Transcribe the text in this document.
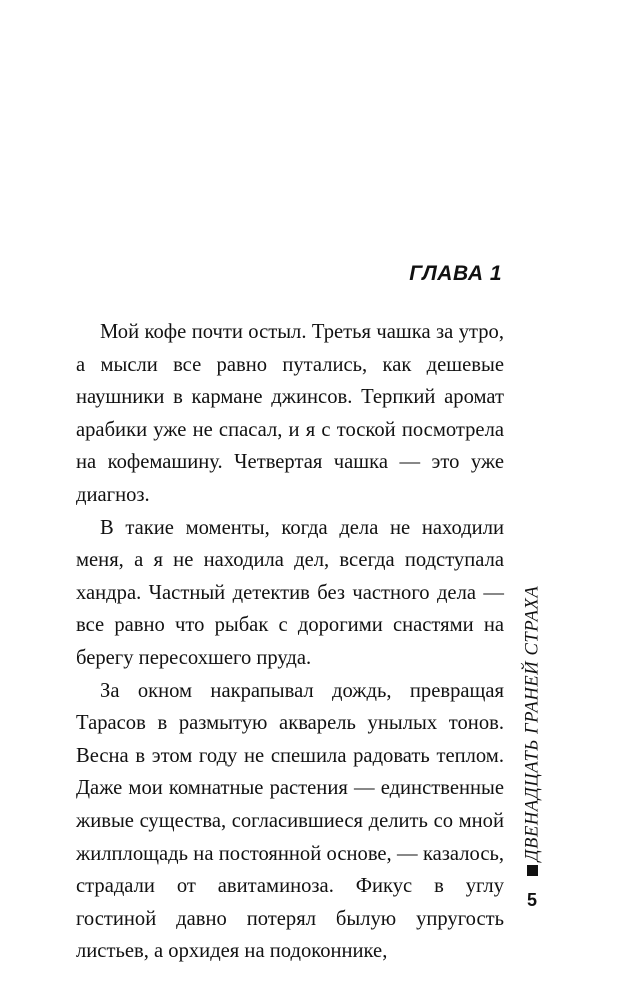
ГЛАВА 1

Мой кофе почти остыл. Третья чашка за утро, а мысли все равно путались, как дешевые наушники в кармане джинсов. Терпкий аромат арабики уже не спасал, и я с тоской посмотрела на кофемашину. Четвертая чашка — это уже диагноз.

В такие моменты, когда дела не находили меня, а я не находила дел, всегда подступала хандра. Частный детектив без частного дела — все равно что рыбак с дорогими снастями на берегу пересохшего пруда.

За окном накрапывал дождь, превращая Тарасов в размытую акварель унылых тонов. Весна в этом году не спешила радовать теплом. Даже мои комнатные растения — единственные живые существа, согласившиеся делить со мной жилплощадь на постоянной основе, — казалось, страдали от авитаминоза. Фикус в углу гостиной давно потерял былую упругость листьев, а орхидея на подоконнике,

ДВЕНАДЦАТЬ ГРАНЕЙ СТРАХА
5
